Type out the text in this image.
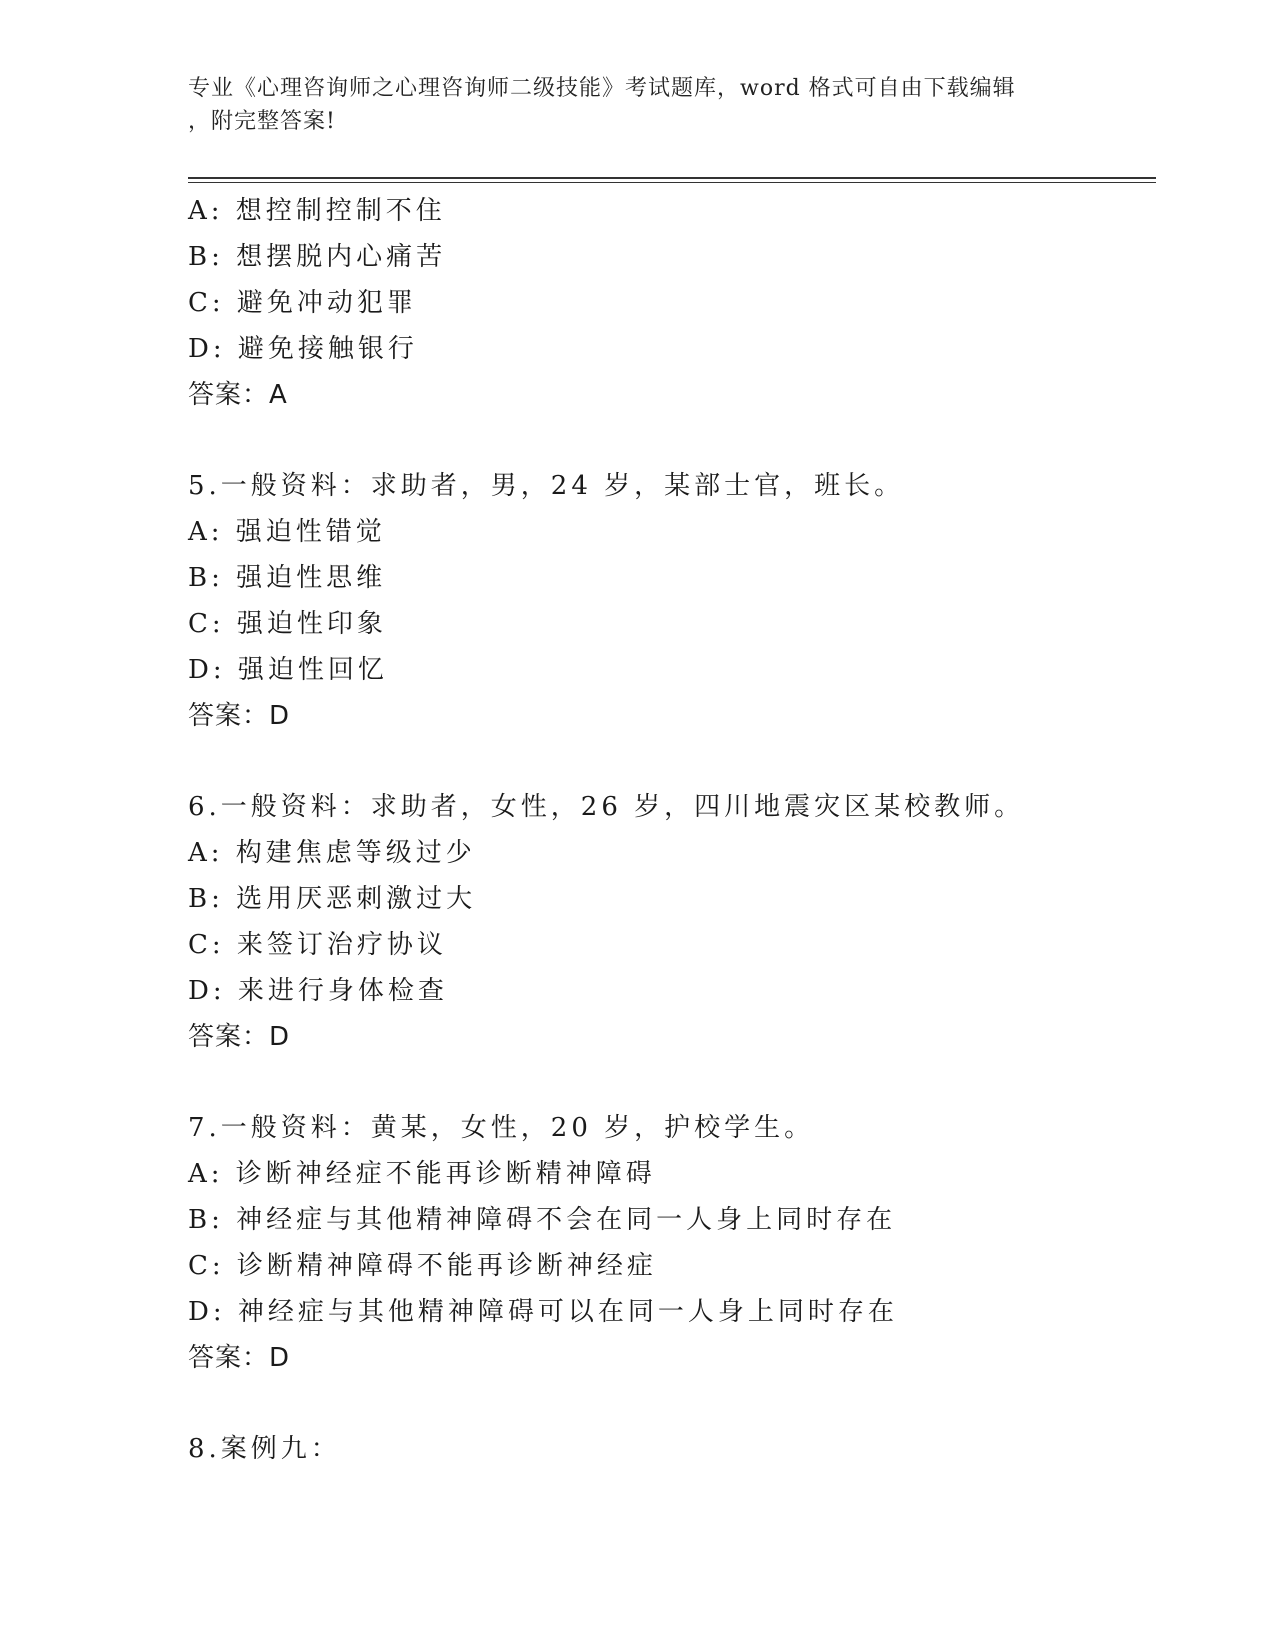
专业《心理咨询师之心理咨询师二级技能》考试题库，word 格式可自由下载编辑
，附完整答案!
A: 想控制控制不住
B: 想摆脱内心痛苦
C: 避免冲动犯罪
D: 避免接触银行
答案：A
5.一般资料：求助者，男，24 岁，某部士官，班长。
A: 强迫性错觉
B: 强迫性思维
C: 强迫性印象
D: 强迫性回忆
答案：D
6.一般资料：求助者，女性，26 岁，四川地震灾区某校教师。
A: 构建焦虑等级过少
B: 选用厌恶刺激过大
C: 来签订治疗协议
D: 来进行身体检查
答案：D
7.一般资料：黄某，女性，20 岁，护校学生。
A: 诊断神经症不能再诊断精神障碍
B: 神经症与其他精神障碍不会在同一人身上同时存在
C: 诊断精神障碍不能再诊断神经症
D: 神经症与其他精神障碍可以在同一人身上同时存在
答案：D
8.案例九：
